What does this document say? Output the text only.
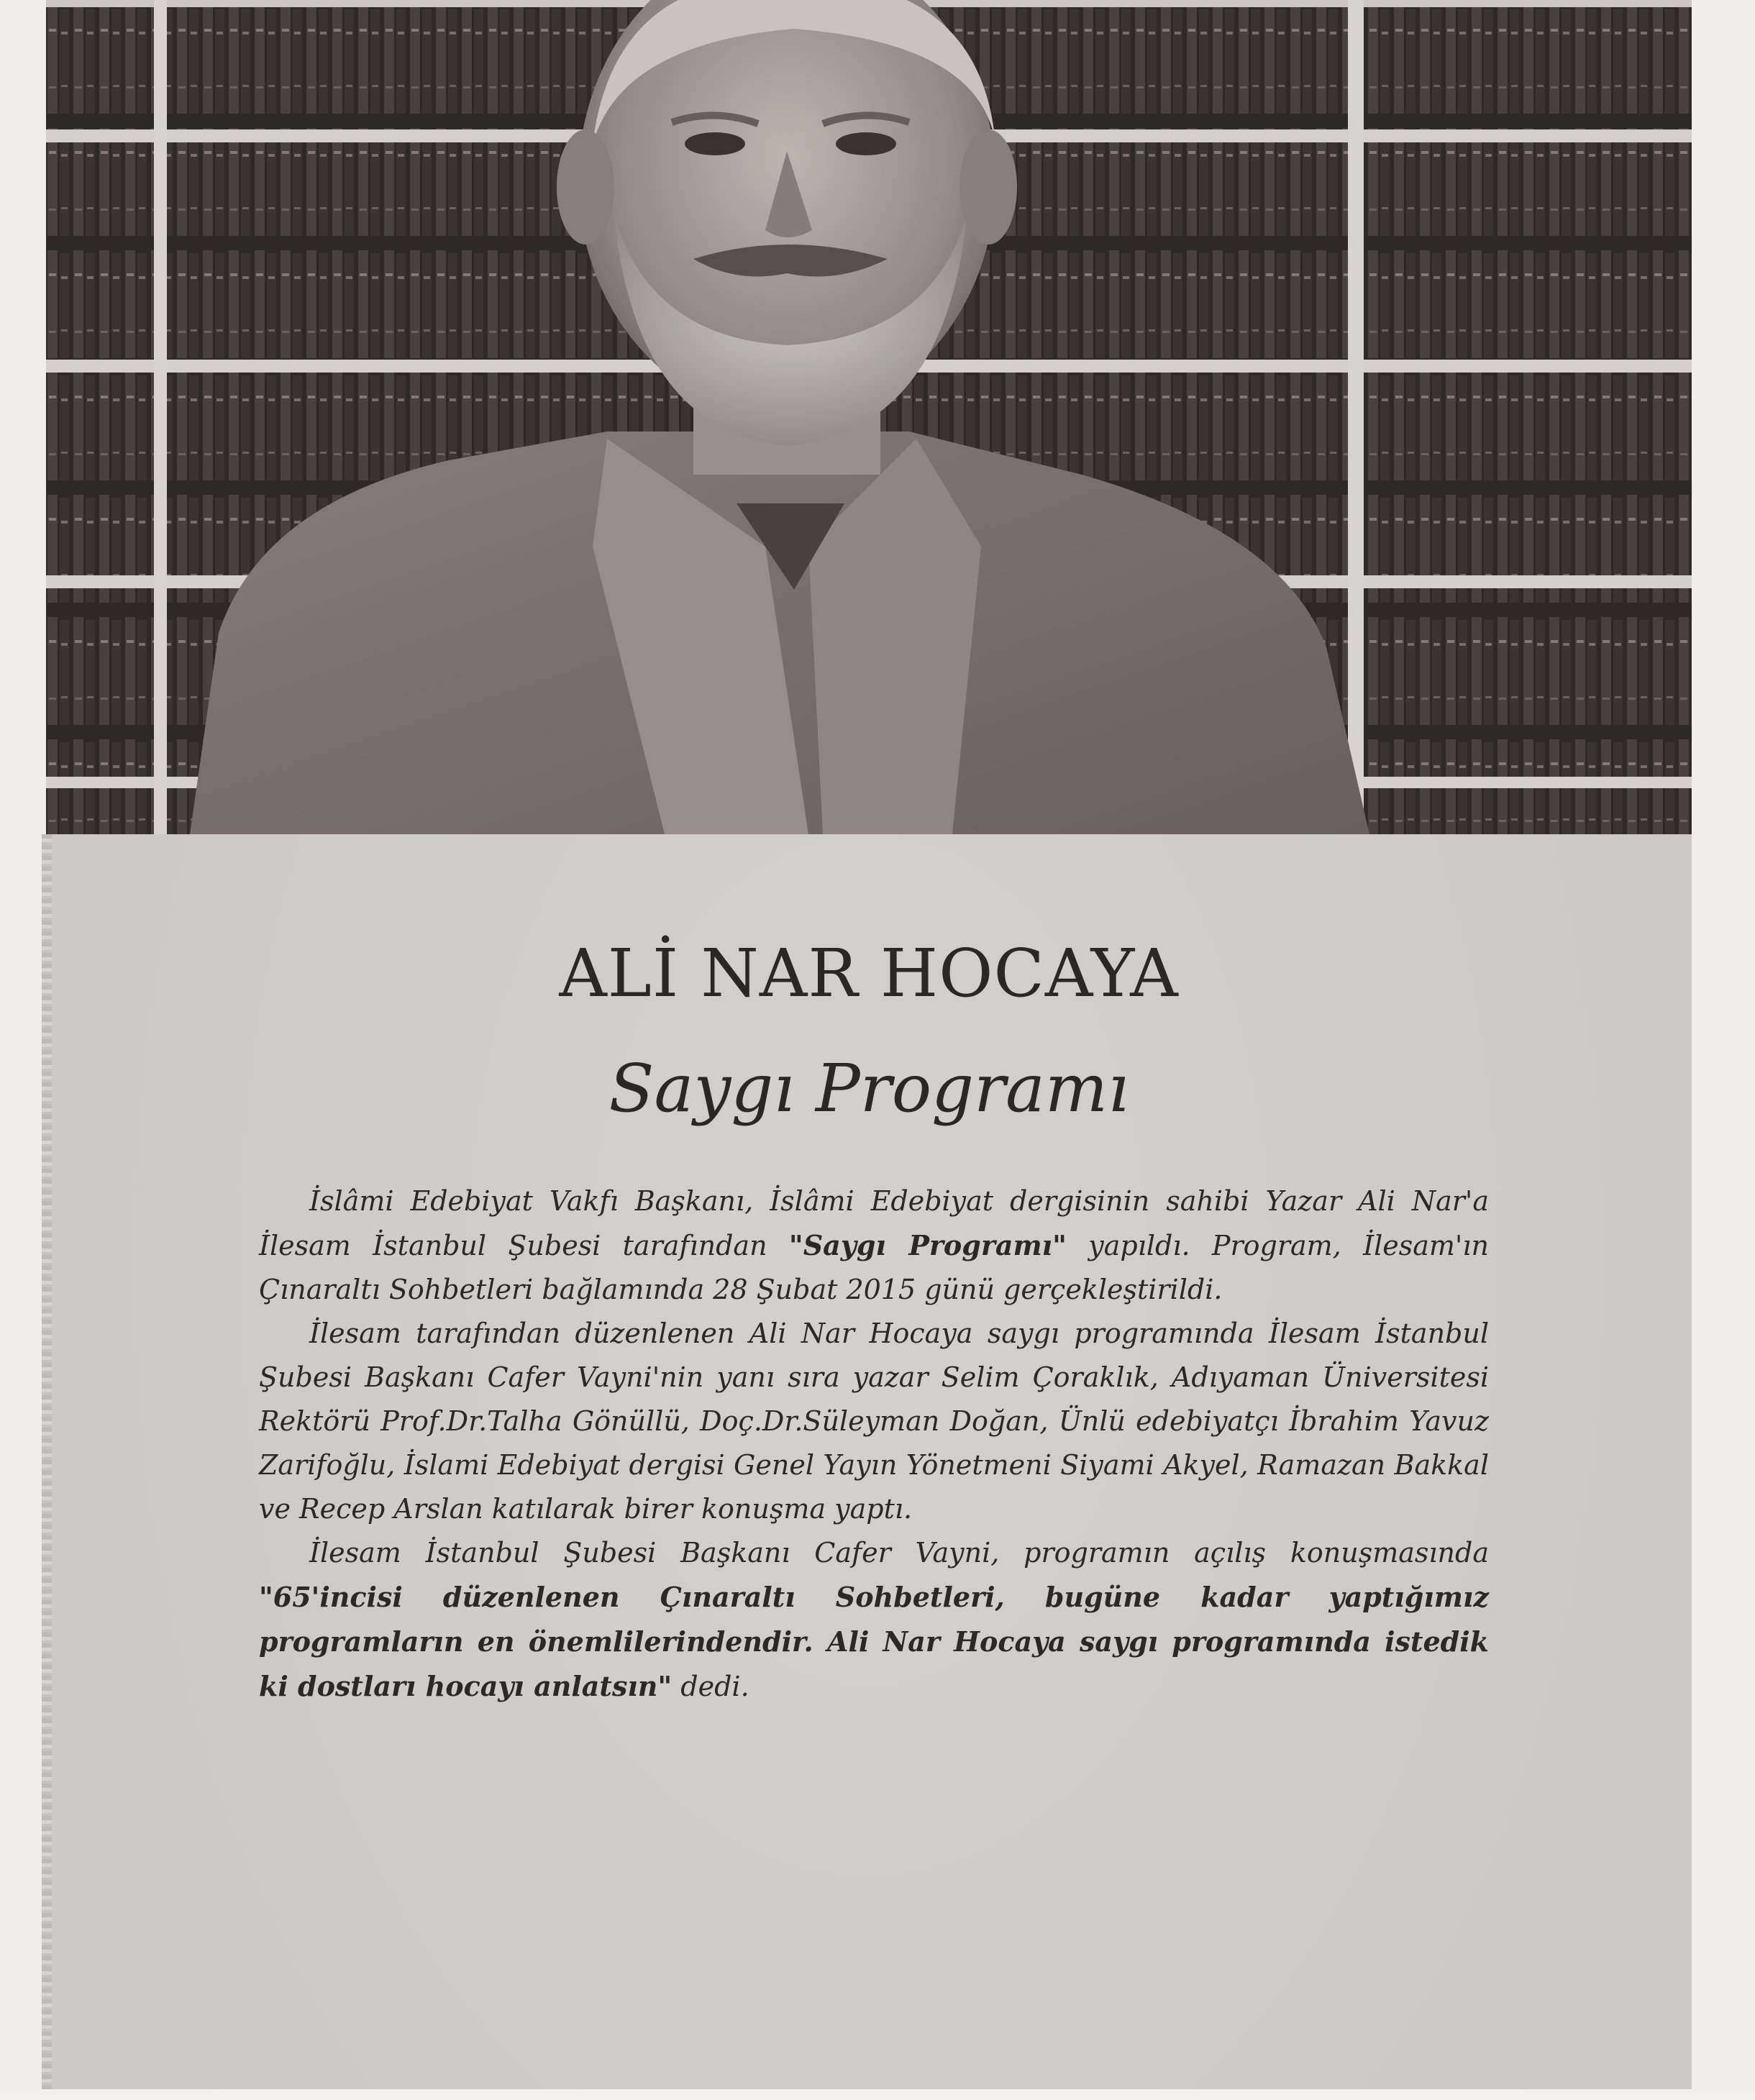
ALİ NAR HOCAYA
Saygı Programı

İslâmi Edebiyat Vakfı Başkanı, İslâmi Edebiyat dergisinin sahibi Yazar Ali Nar'a İlesam İstanbul Şubesi tarafından "Saygı Programı" yapıldı. Program, İlesam'ın Çınaraltı Sohbetleri bağlamında 28 Şubat 2015 günü gerçekleştirildi.

İlesam tarafından düzenlenen Ali Nar Hocaya saygı programında İlesam İstanbul Şubesi Başkanı Cafer Vayni'nin yanı sıra yazar Selim Çoraklık, Adıyaman Üniversitesi Rektörü Prof.Dr.Talha Gönüllü, Doç.Dr.Süleyman Doğan, Ünlü edebiyatçı İbrahim Yavuz Zarifoğlu, İslami Edebiyat dergisi Genel Yayın Yönetmeni Siyami Akyel, Ramazan Bakkal ve Recep Arslan katılarak birer konuşma yaptı.

İlesam İstanbul Şubesi Başkanı Cafer Vayni, programın açılış konuşmasında "65'incisi düzenlenen Çınaraltı Sohbetleri, bugüne kadar yaptığımız programların en önemlilerindendir. Ali Nar Hocaya saygı programında istedik ki dostları hocayı anlatsın" dedi.
